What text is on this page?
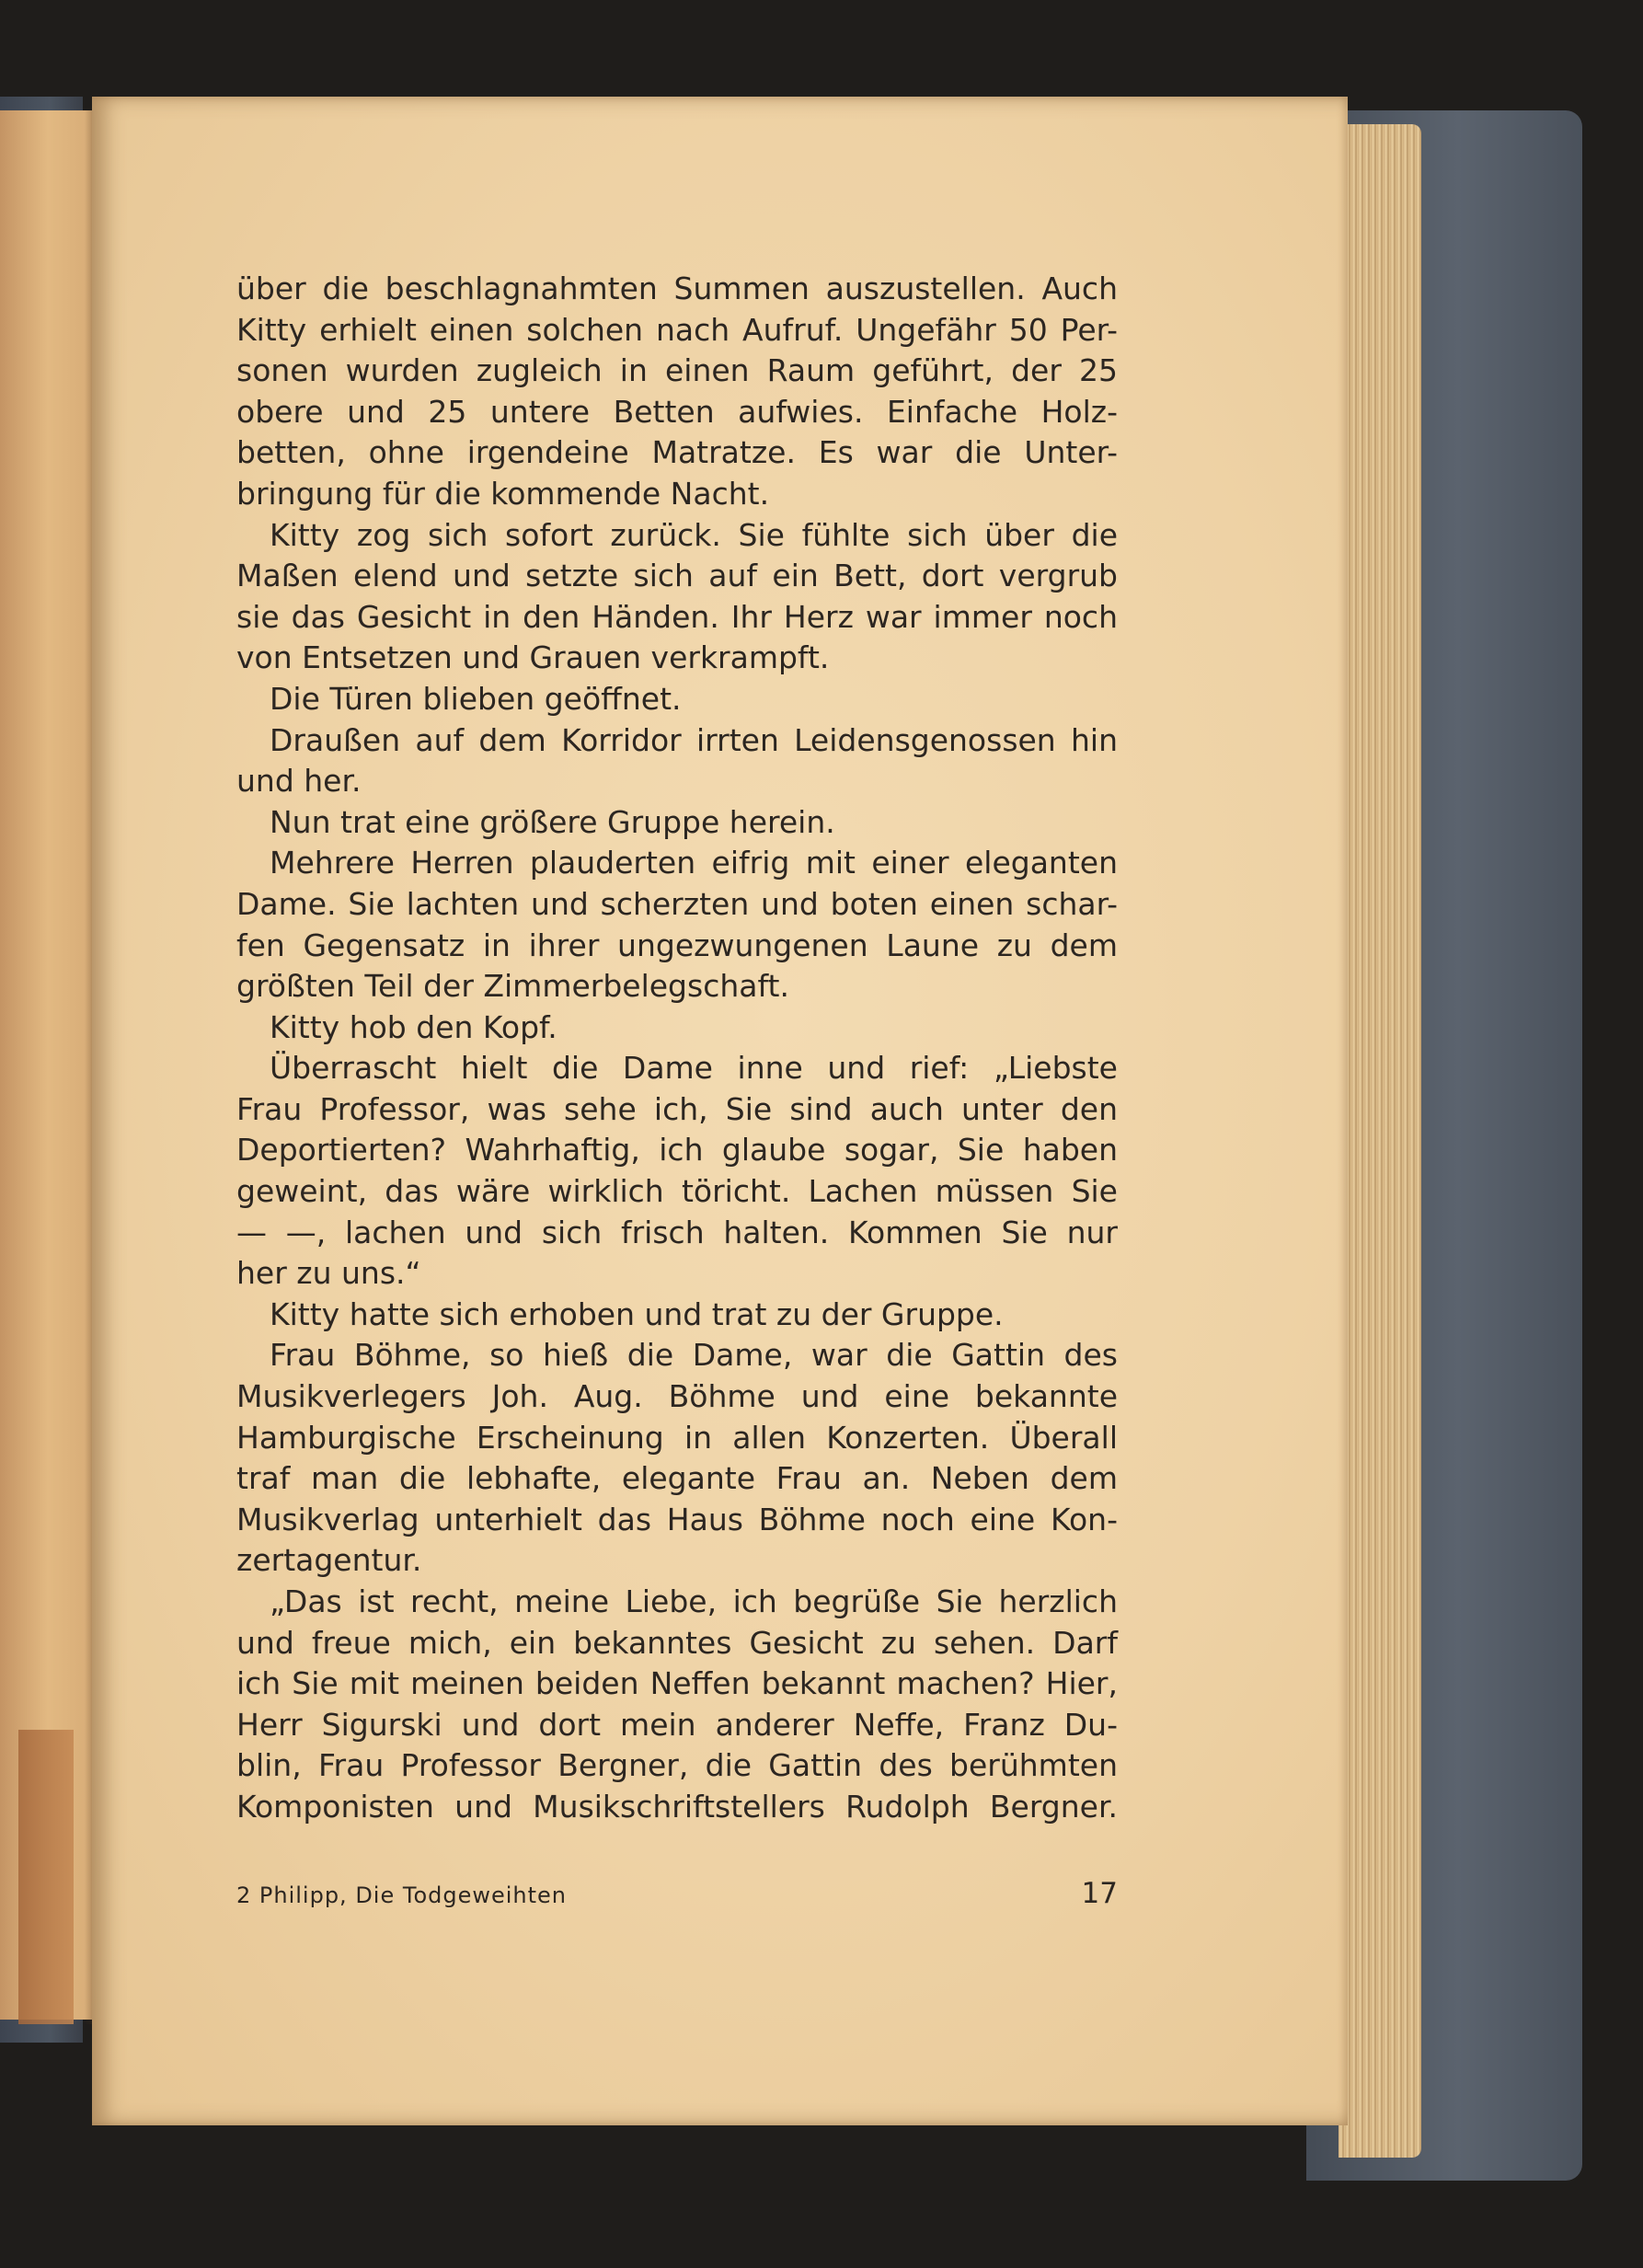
über die beschlagnahmten Summen auszustellen. Auch
Kitty erhielt einen solchen nach Aufruf. Ungefähr 50 Per-
sonen wurden zugleich in einen Raum geführt, der 25
obere und 25 untere Betten aufwies. Einfache Holz-
betten, ohne irgendeine Matratze. Es war die Unter-
bringung für die kommende Nacht.
Kitty zog sich sofort zurück. Sie fühlte sich über die
Maßen elend und setzte sich auf ein Bett, dort vergrub
sie das Gesicht in den Händen. Ihr Herz war immer noch
von Entsetzen und Grauen verkrampft.
Die Türen blieben geöffnet.
Draußen auf dem Korridor irrten Leidensgenossen hin
und her.
Nun trat eine größere Gruppe herein.
Mehrere Herren plauderten eifrig mit einer eleganten
Dame. Sie lachten und scherzten und boten einen schar-
fen Gegensatz in ihrer ungezwungenen Laune zu dem
größten Teil der Zimmerbelegschaft.
Kitty hob den Kopf.
Überrascht hielt die Dame inne und rief: „Liebste
Frau Professor, was sehe ich, Sie sind auch unter den
Deportierten? Wahrhaftig, ich glaube sogar, Sie haben
geweint, das wäre wirklich töricht. Lachen müssen Sie
— —, lachen und sich frisch halten. Kommen Sie nur
her zu uns.“
Kitty hatte sich erhoben und trat zu der Gruppe.
Frau Böhme, so hieß die Dame, war die Gattin des
Musikverlegers Joh. Aug. Böhme und eine bekannte
Hamburgische Erscheinung in allen Konzerten. Überall
traf man die lebhafte, elegante Frau an. Neben dem
Musikverlag unterhielt das Haus Böhme noch eine Kon-
zertagentur.
„Das ist recht, meine Liebe, ich begrüße Sie herzlich
und freue mich, ein bekanntes Gesicht zu sehen. Darf
ich Sie mit meinen beiden Neffen bekannt machen? Hier,
Herr Sigurski und dort mein anderer Neffe, Franz Du-
blin, Frau Professor Bergner, die Gattin des berühmten
Komponisten und Musikschriftstellers Rudolph Bergner.
2 Philipp, Die Todgeweihten	17
